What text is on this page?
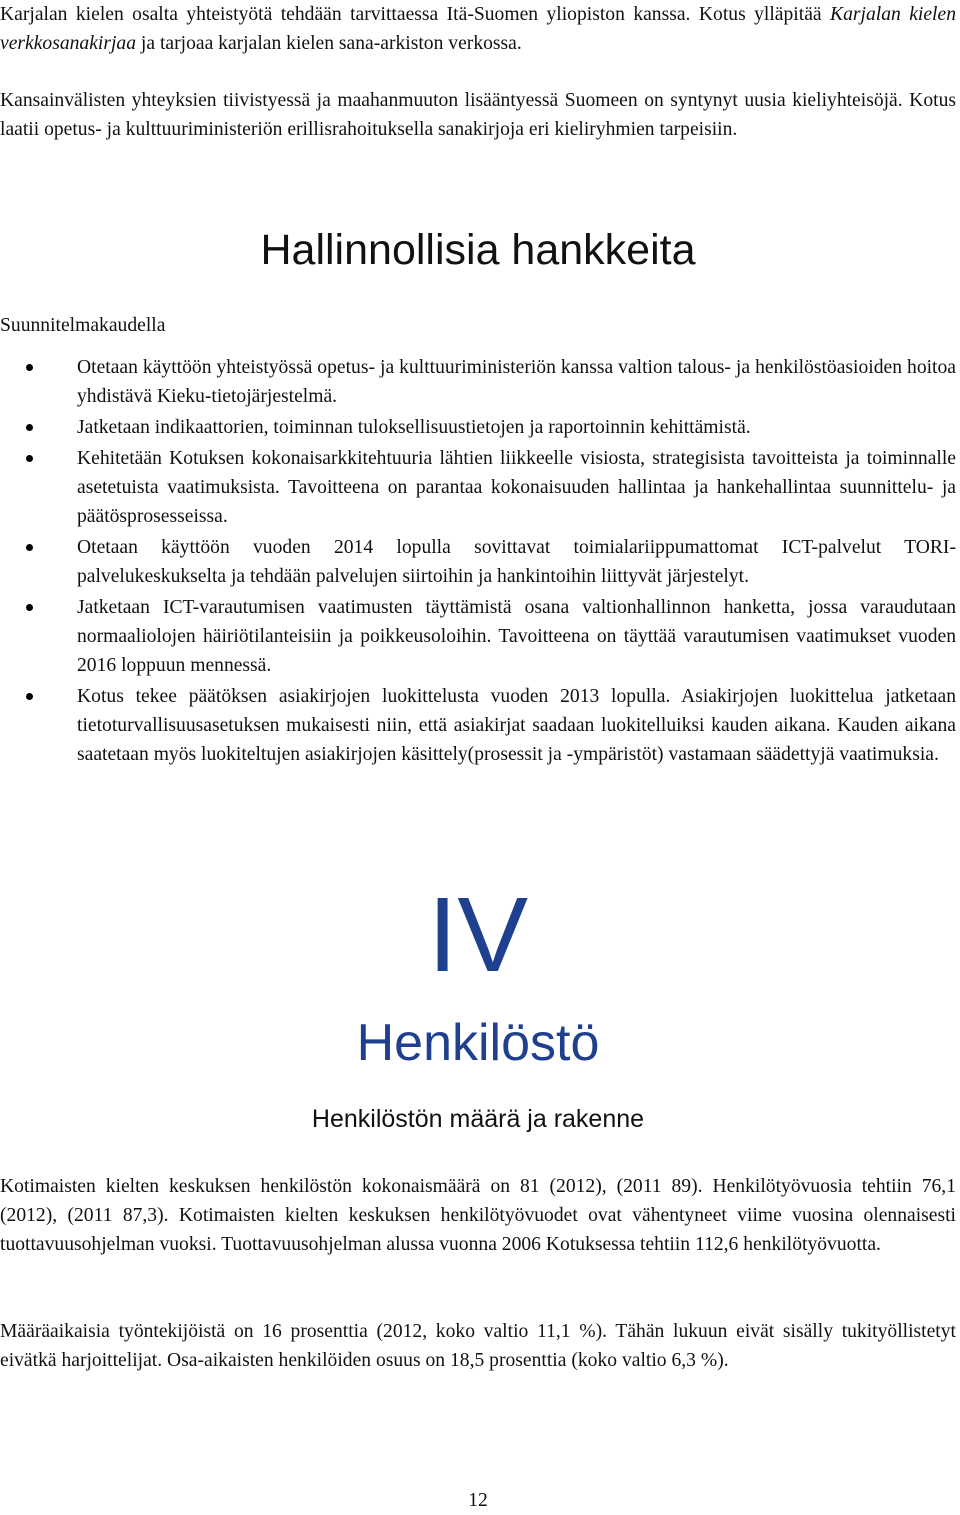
Karjalan kielen osalta yhteistyötä tehdään tarvittaessa Itä-Suomen yliopiston kanssa. Kotus ylläpitää Karjalan kielen verkkosanakirjaa ja tarjoaa karjalan kielen sana-arkiston verkossa.

Kansainvälisten yhteyksien tiivistyessä ja maahanmuuton lisääntyessä Suomeen on syntynyt uusia kieliyhteisöjä. Kotus laatii opetus- ja kulttuuriministeriön erillisrahoituksella sanakirjoja eri kieliryhmien tarpeisiin.

Hallinnollisia hankkeita
Suunnitelmakaudella
Otetaan käyttöön yhteistyössä opetus- ja kulttuuriministeriön kanssa valtion talous- ja henkilöstöasioiden hoitoa yhdistävä Kieku-tietojärjestelmä.
Jatketaan indikaattorien, toiminnan tuloksellisuustietojen ja raportoinnin kehittämistä.
Kehitetään Kotuksen kokonaisarkkitehtuuria lähtien liikkeelle visiosta, strategisista tavoitteista ja toiminnalle asetetuista vaatimuksista. Tavoitteena on parantaa kokonaisuuden hallintaa ja hankehallintaa suunnittelu- ja päätösprosesseissa.
Otetaan käyttöön vuoden 2014 lopulla sovittavat toimialariippumattomat ICT-palvelut TORI-palvelukeskukselta ja tehdään palvelujen siirtoihin ja hankintoihin liittyvät järjestelyt.
Jatketaan ICT-varautumisen vaatimusten täyttämistä osana valtionhallinnon hanketta, jossa varaudutaan normaaliolojen häiriötilanteisiin ja poikkeusoloihin. Tavoitteena on täyttää varautumisen vaatimukset vuoden 2016 loppuun mennessä.
Kotus tekee päätöksen asiakirjojen luokittelusta vuoden 2013 lopulla. Asiakirjojen luokittelua jatketaan tietoturvallisuusasetuksen mukaisesti niin, että asiakirjat saadaan luokitelluiksi kauden aikana. Kauden aikana saatetaan myös luokiteltujen asiakirjojen käsittely(prosessit ja -ympäristöt) vastamaan säädettyjä vaatimuksia.
IV
Henkilöstö
Henkilöstön määrä ja rakenne

Kotimaisten kielten keskuksen henkilöstön kokonaismäärä on 81 (2012), (2011 89). Henkilötyövuosia tehtiin 76,1 (2012), (2011 87,3). Kotimaisten kielten keskuksen henkilötyövuodet ovat vähentyneet viime vuosina olennaisesti tuottavuusohjelman vuoksi. Tuottavuusohjelman alussa vuonna 2006 Kotuksessa tehtiin 112,6 henkilötyövuotta.

Määräaikaisia työntekijöistä on 16 prosenttia (2012, koko valtio 11,1 %). Tähän lukuun eivät sisälly tukityöllistetyt eivätkä harjoittelijat. Osa-aikaisten henkilöiden osuus on 18,5 prosenttia (koko valtio 6,3 %).

12
